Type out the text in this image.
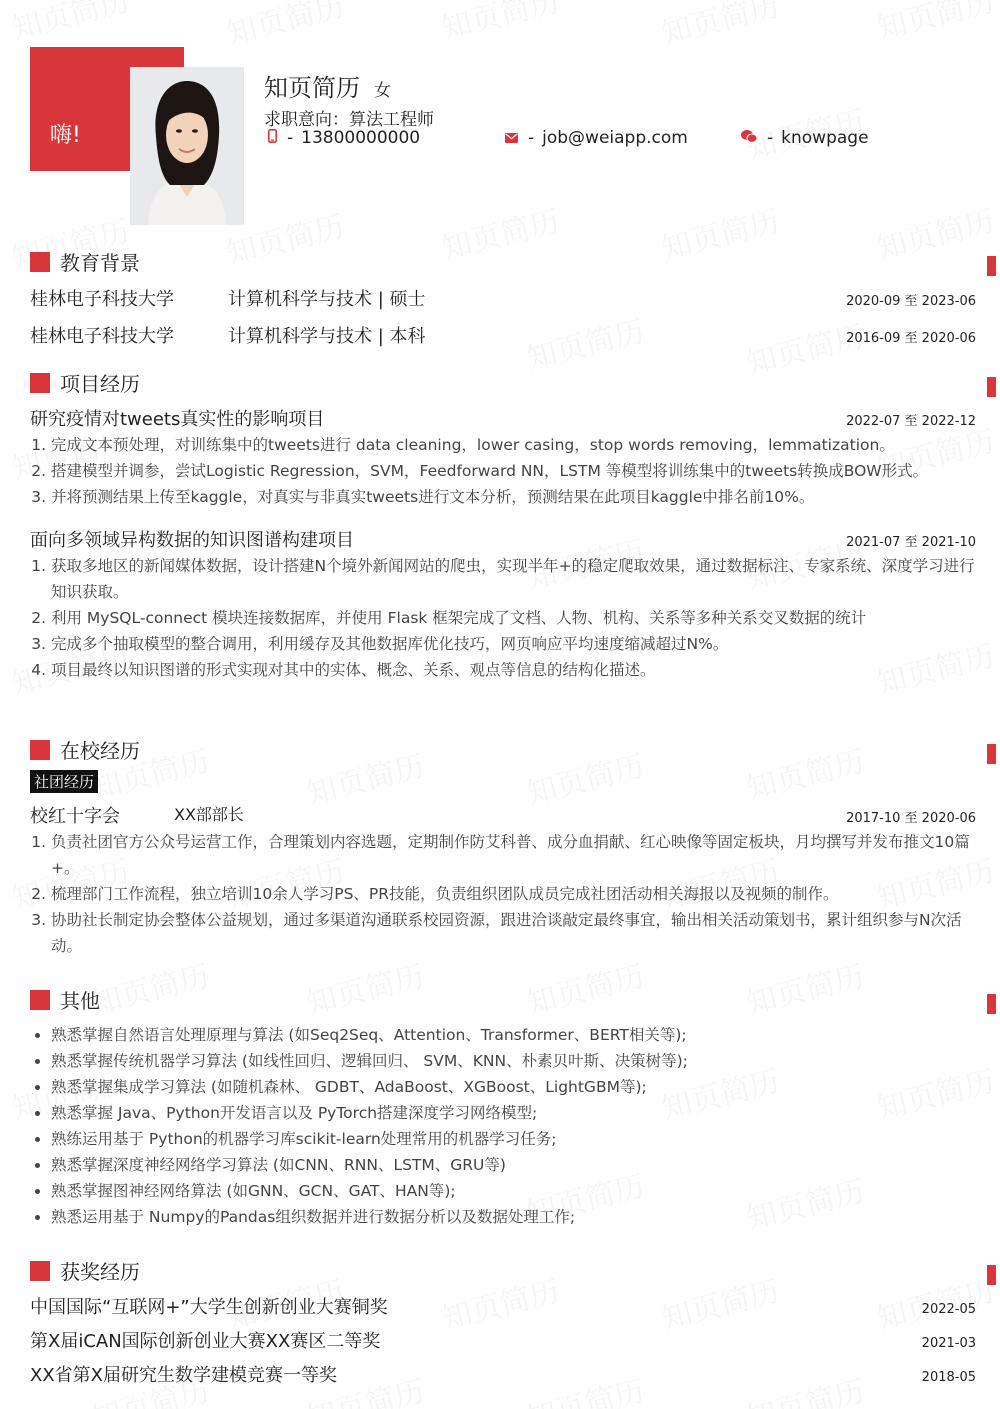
嗨!
知页简历 女
求职意向：算法工程师
- 13800000000	- job@weiapp.com	- knowpage
教育背景
桂林电子科技大学	计算机科学与技术 | 硕士	2020-09 至 2023-06
桂林电子科技大学	计算机科学与技术 | 本科	2016-09 至 2020-06
项目经历
研究疫情对tweets真实性的影响项目	2022-07 至 2022-12
1. 完成文本预处理，对训练集中的tweets进行 data cleaning，lower casing，stop words removing，lemmatization。
2. 搭建模型并调参，尝试Logistic Regression，SVM，Feedforward NN，LSTM 等模型将训练集中的tweets转换成BOW形式。
3. 并将预测结果上传至kaggle，对真实与非真实tweets进行文本分析，预测结果在此项目kaggle中排名前10%。
面向多领域异构数据的知识图谱构建项目	2021-07 至 2021-10
1. 获取多地区的新闻媒体数据，设计搭建N个境外新闻网站的爬虫，实现半年+的稳定爬取效果，通过数据标注、专家系统、深度学习进行知识获取。
2. 利用 MySQL-connect 模块连接数据库，并使用 Flask 框架完成了文档、人物、机构、关系等多种关系交叉数据的统计
3. 完成多个抽取模型的整合调用，利用缓存及其他数据库优化技巧，网页响应平均速度缩减超过N%。
4. 项目最终以知识图谱的形式实现对其中的实体、概念、关系、观点等信息的结构化描述。
在校经历
社团经历
校红十字会	XX部部长	2017-10 至 2020-06
1. 负责社团官方公众号运营工作，合理策划内容选题，定期制作防艾科普、成分血捐献、红心映像等固定板块，月均撰写并发布推文10篇+。
2. 梳理部门工作流程，独立培训10余人学习PS、PR技能，负责组织团队成员完成社团活动相关海报以及视频的制作。
3. 协助社长制定协会整体公益规划，通过多渠道沟通联系校园资源，跟进洽谈敲定最终事宜，输出相关活动策划书，累计组织参与N次活动。
其他
• 熟悉掌握自然语言处理原理与算法 (如Seq2Seq、Attention、Transformer、BERT相关等);
• 熟悉掌握传统机器学习算法 (如线性回归、逻辑回归、 SVM、KNN、朴素贝叶斯、决策树等);
• 熟悉掌握集成学习算法 (如随机森林、 GDBT、AdaBoost、XGBoost、LightGBM等);
• 熟悉掌握 Java、Python开发语言以及 PyTorch搭建深度学习网络模型;
• 熟练运用基于 Python的机器学习库scikit-learn处理常用的机器学习任务;
• 熟悉掌握深度神经网络学习算法 (如CNN、RNN、LSTM、GRU等)
• 熟悉掌握图神经网络算法 (如GNN、GCN、GAT、HAN等);
• 熟悉运用基于 Numpy的Pandas组织数据并进行数据分析以及数据处理工作;
获奖经历
中国国际“互联网+”大学生创新创业大赛铜奖	2022-05
第X届iCAN国际创新创业大赛XX赛区二等奖	2021-03
XX省第X届研究生数学建模竞赛一等奖	2018-05
